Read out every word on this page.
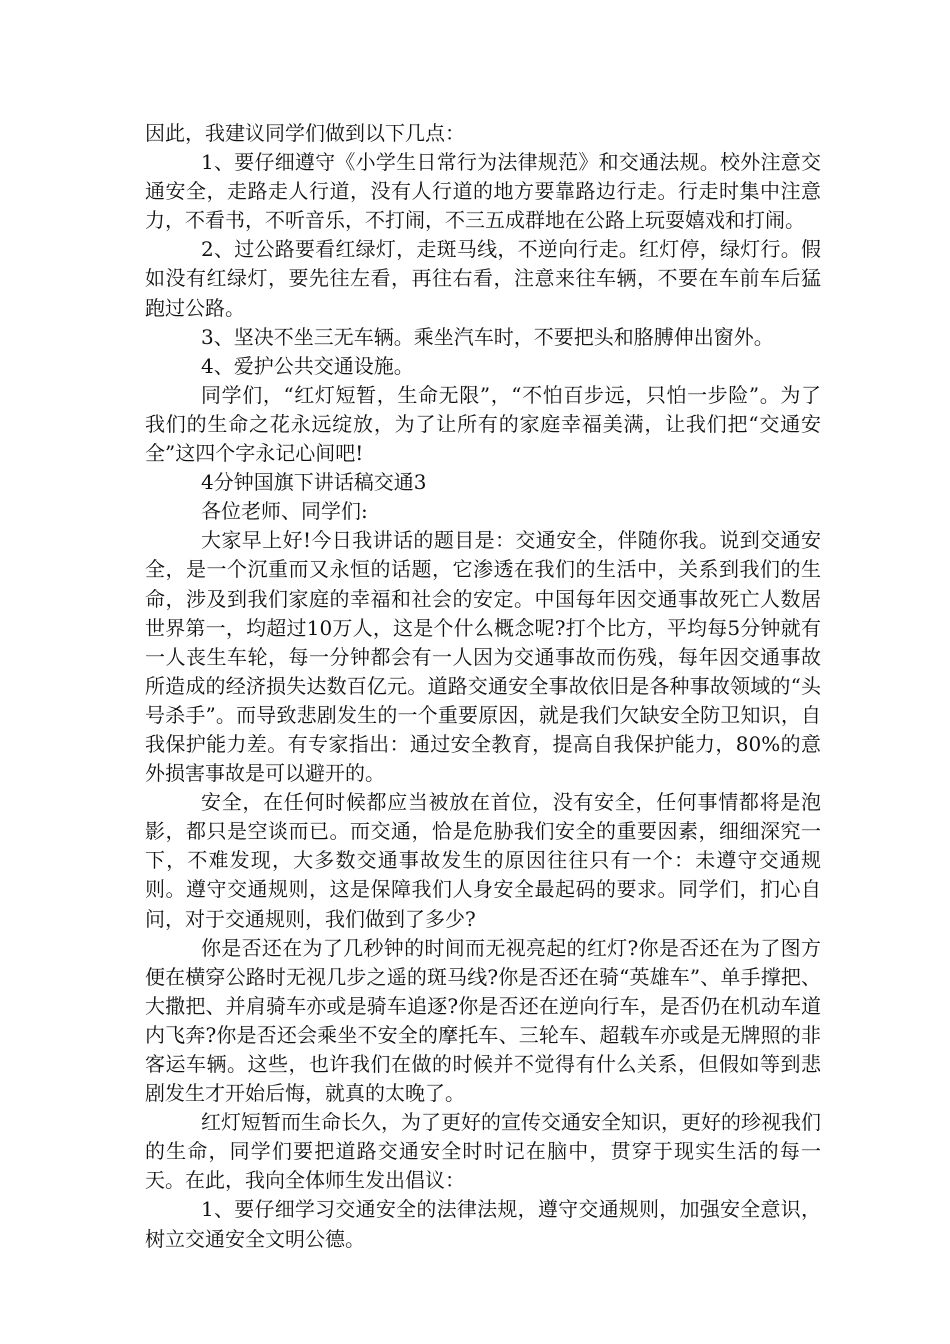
因此，我建议同学们做到以下几点：

1、要仔细遵守《小学生日常行为法律规范》和交通法规。校外注意交通安全，走路走人行道，没有人行道的地方要靠路边行走。行走时集中注意力，不看书，不听音乐，不打闹，不三五成群地在公路上玩耍嬉戏和打闹。

2、过公路要看红绿灯，走斑马线，不逆向行走。红灯停，绿灯行。假如没有红绿灯，要先往左看，再往右看，注意来往车辆，不要在车前车后猛跑过公路。

3、坚决不坐三无车辆。乘坐汽车时，不要把头和胳膊伸出窗外。

4、爱护公共交通设施。

同学们，“红灯短暂，生命无限”，“不怕百步远，只怕一步险”。为了我们的生命之花永远绽放，为了让所有的家庭幸福美满，让我们把“交通安全”这四个字永记心间吧!

4分钟国旗下讲话稿交通3

各位老师、同学们:

大家早上好!今日我讲话的题目是：交通安全，伴随你我。说到交通安全，是一个沉重而又永恒的话题，它渗透在我们的生活中，关系到我们的生命，涉及到我们家庭的幸福和社会的安定。中国每年因交通事故死亡人数居世界第一，均超过10万人，这是个什么概念呢?打个比方，平均每5分钟就有一人丧生车轮，每一分钟都会有一人因为交通事故而伤残，每年因交通事故所造成的经济损失达数百亿元。道路交通安全事故依旧是各种事故领域的“头号杀手”。而导致悲剧发生的一个重要原因，就是我们欠缺安全防卫知识，自我保护能力差。有专家指出：通过安全教育，提高自我保护能力，80%的意外损害事故是可以避开的。

安全，在任何时候都应当被放在首位，没有安全，任何事情都将是泡影，都只是空谈而已。而交通，恰是危胁我们安全的重要因素，细细深究一下，不难发现，大多数交通事故发生的原因往往只有一个：未遵守交通规则。遵守交通规则，这是保障我们人身安全最起码的要求。同学们，扪心自问，对于交通规则，我们做到了多少?

你是否还在为了几秒钟的时间而无视亮起的红灯?你是否还在为了图方便在横穿公路时无视几步之遥的斑马线?你是否还在骑“英雄车”、单手撑把、大撒把、并肩骑车亦或是骑车追逐?你是否还在逆向行车，是否仍在机动车道内飞奔?你是否还会乘坐不安全的摩托车、三轮车、超载车亦或是无牌照的非客运车辆。这些，也许我们在做的时候并不觉得有什么关系，但假如等到悲剧发生才开始后悔，就真的太晚了。

红灯短暂而生命长久，为了更好的宣传交通安全知识，更好的珍视我们的生命，同学们要把道路交通安全时时记在脑中，贯穿于现实生活的每一天。在此，我向全体师生发出倡议：

1、要仔细学习交通安全的法律法规，遵守交通规则，加强安全意识，树立交通安全文明公德。
